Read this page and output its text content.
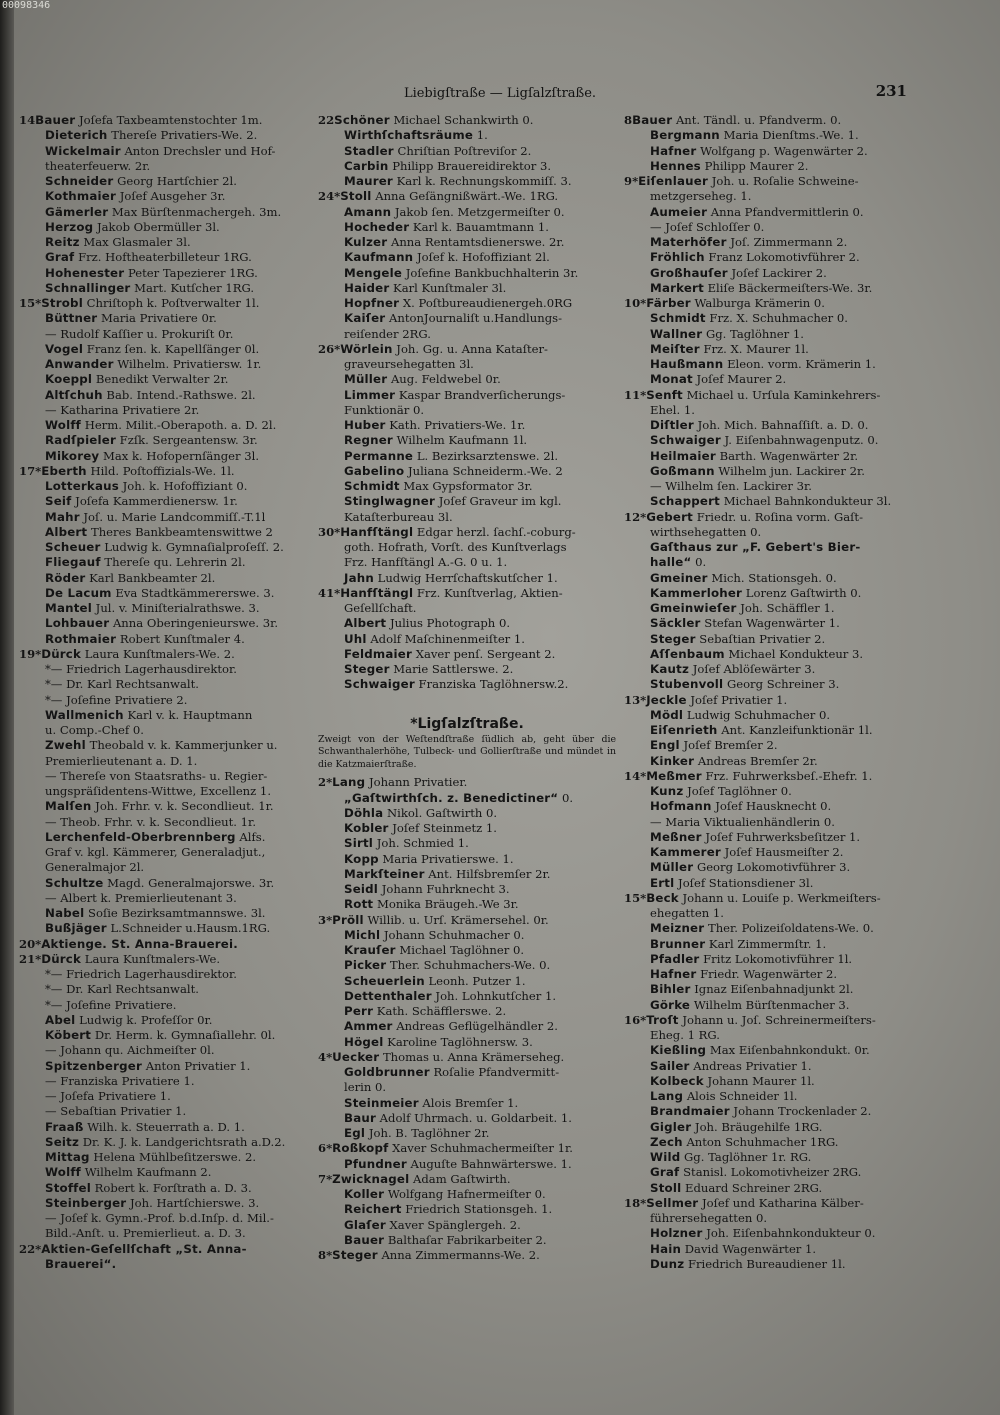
00098346
Liebigſtraße — Ligſalzſtraße.	231
14Bauer Joſefa Taxbeamtenstochter 1m.
Dieterich Thereſe Privatiers-We. 2.
Wickelmair Anton Drechsler und Hof-
theaterfeuerw. 2r.
Schneider Georg Hartſchier 2l.
Kothmaier Joſef Ausgeher 3r.
Gämerler Max Bürſtenmachergeh. 3m.
Herzog Jakob Obermüller 3l.
Reitz Max Glasmaler 3l.
Graf Frz. Hoftheaterbilleteur 1RG.
Hohenester Peter Tapezierer 1RG.
Schnallinger Mart. Kutſcher 1RG.
15*Strobl Chriſtoph k. Poſtverwalter 1l.
Büttner Maria Privatiere 0r.
— Rudolf Kaſſier u. Prokuriſt 0r.
Vogel Franz ſen. k. Kapellſänger 0l.
Anwander Wilhelm. Privatiersw. 1r.
Koeppl Benedikt Verwalter 2r.
Altſchuh Bab. Intend.-Rathswe. 2l.
— Katharina Privatiere 2r.
Wolff Herm. Milit.-Oberapoth. a. D. 2l.
Radſpieler Fzſk. Sergeantensw. 3r.
Mikorey Max k. Hofopernſänger 3l.
17*Eberth Hild. Poſtoffizials-We. 1l.
Lotterkaus Joh. k. Hofoffiziant 0.
Seif Joſefa Kammerdienersw. 1r.
Mahr Joſ. u. Marie Landcommiſſ.-T.1l
Albert Theres Bankbeamtenswittwe 2
Scheuer Ludwig k. Gymnaſialproſeſſ. 2.
Fliegauf Thereſe qu. Lehrerin 2l.
Röder Karl Bankbeamter 2l.
De Lacum Eva Stadtkämmererswe. 3.
Mantel Jul. v. Miniſterialrathswe. 3.
Lohbauer Anna Oberingenieurswe. 3r.
Rothmaier Robert Kunſtmaler 4.
19*Dürck Laura Kunſtmalers-We. 2.
*— Friedrich Lagerhausdirektor.
*— Dr. Karl Rechtsanwalt.
*— Joſefine Privatiere 2.
Wallmenich Karl v. k. Hauptmann
u. Comp.-Chef 0.
Zwehl Theobald v. k. Kammerjunker u.
Premierlieutenant a. D. 1.
— Thereſe von Staatsraths- u. Regier-
ungspräſidentens-Wittwe, Excellenz 1.
Malſen Joh. Frhr. v. k. Secondlieut. 1r.
— Theob. Frhr. v. k. Secondlieut. 1r.
Lerchenfeld-Oberbrennberg Alfs.
Graf v. kgl. Kämmerer, Generaladjut.,
Generalmajor 2l.
Schultze Magd. Generalmajorswe. 3r.
— Albert k. Premierlieutenant 3.
Nabel Soſie Bezirksamtmannswe. 3l.
Bußjäger L.Schneider u.Hausm.1RG.
20*Aktienge. St. Anna-Brauerei.
21*Dürck Laura Kunſtmalers-We.
*— Friedrich Lagerhausdirektor.
*— Dr. Karl Rechtsanwalt.
*— Joſefine Privatiere.
Abel Ludwig k. Profeſſor 0r.
Köbert Dr. Herm. k. Gymnaſiallehr. 0l.
— Johann qu. Aichmeiſter 0l.
Spitzenberger Anton Privatier 1.
— Franziska Privatiere 1.
— Joſefa Privatiere 1.
— Sebaſtian Privatier 1.
Fraaß Wilh. k. Steuerrath a. D. 1.
Seitz Dr. K. J. k. Landgerichtsrath a.D.2.
Mittag Helena Mühlbeſitzerswe. 2.
Wolff Wilhelm Kaufmann 2.
Stoffel Robert k. Forſtrath a. D. 3.
Steinberger Joh. Hartſchierswe. 3.
— Joſef k. Gymn.-Prof. b.d.Inſp. d. Mil.-
Bild.-Anſt. u. Premierlieut. a. D. 3.
22*Aktien-Geſellſchaft „St. Anna-
Brauerei“.
22Schöner Michael Schankwirth 0.
Wirthſchaftsräume 1.
Stadler Chriſtian Poſtreviſor 2.
Carbin Philipp Brauereidirektor 3.
Maurer Karl k. Rechnungskommiſſ. 3.
24*Stoll Anna Geſängnißwärt.-We. 1RG.
Amann Jakob ſen. Metzgermeiſter 0.
Hocheder Karl k. Bauamtmann 1.
Kulzer Anna Rentamtsdienerswe. 2r.
Kaufmann Joſef k. Hofoffiziant 2l.
Mengele Joſefine Bankbuchhalterin 3r.
Haider Karl Kunſtmaler 3l.
Hopfner X. Poſtbureaudienergeh.0RG
Kaiſer AntonJournaliſt u.Handlungs-
reiſender 2RG.
26*Wörlein Joh. Gg. u. Anna Kataſter-
graveursehegatten 3l.
Müller Aug. Feldwebel 0r.
Limmer Kaspar Brandverſicherungs-
Funktionär 0.
Huber Kath. Privatiers-We. 1r.
Regner Wilhelm Kaufmann 1l.
Permanne L. Bezirksarztenswe. 2l.
Gabelino Juliana Schneiderm.-We. 2
Schmidt Max Gypsformator 3r.
Stinglwagner Joſef Graveur im kgl.
Kataſterbureau 3l.
30*Hanfſtängl Edgar herzl. ſachſ.-coburg-
goth. Hofrath, Vorſt. des Kunſtverlags
Frz. Hanfſtängl A.-G. 0 u. 1.
Jahn Ludwig Herrſchaftskutſcher 1.
41*Hanfſtängl Frz. Kunſtverlag, Aktien-
Geſellſchaft.
Albert Julius Photograph 0.
Uhl Adolf Maſchinenmeiſter 1.
Feldmaier Xaver penſ. Sergeant 2.
Steger Marie Sattlerswe. 2.
Schwaiger Franziska Taglöhnersw.2.
*Ligſalzſtraße.
Zweigt von der Weſtendſtraße ſüdlich ab, geht über die Schwanthalerhöhe, Tulbeck- und Gollierſtraße und mündet in die Katzmaierſtraße.
2*Lang Johann Privatier.
„Gaſtwirthſch. z. Benedictiner“ 0.
Döhla Nikol. Gaſtwirth 0.
Kobler Joſef Steinmetz 1.
Sirtl Joh. Schmied 1.
Kopp Maria Privatierswe. 1.
Markſteiner Ant. Hilfsbremſer 2r.
Seidl Johann Fuhrknecht 3.
Rott Monika Bräugeh.-We 3r.
3*Pröll Willib. u. Urſ. Krämersehel. 0r.
Michl Johann Schuhmacher 0.
Krauſer Michael Taglöhner 0.
Picker Ther. Schuhmachers-We. 0.
Scheuerlein Leonh. Putzer 1.
Dettenthaler Joh. Lohnkutſcher 1.
Perr Kath. Schäfflerswe. 2.
Ammer Andreas Geflügelhändler 2.
Högel Karoline Taglöhnersw. 3.
4*Uecker Thomas u. Anna Krämerseheg.
Goldbrunner Roſalie Pfandvermitt-
lerin 0.
Steinmeier Alois Bremſer 1.
Baur Adolf Uhrmach. u. Goldarbeit. 1.
Egl Joh. B. Taglöhner 2r.
6*Roßkopf Xaver Schuhmachermeiſter 1r.
Pfundner Auguſte Bahnwärterswe. 1.
7*Zwicknagel Adam Gaſtwirth.
Koller Wolfgang Hafnermeiſter 0.
Reichert Friedrich Stationsgeh. 1.
Glaſer Xaver Spänglergeh. 2.
Bauer Balthaſar Fabrikarbeiter 2.
8*Steger Anna Zimmermanns-We. 2.
8Bauer Ant. Tändl. u. Pfandverm. 0.
Bergmann Maria Dienſtms.-We. 1.
Hafner Wolfgang p. Wagenwärter 2.
Hennes Philipp Maurer 2.
9*Eiſenlauer Joh. u. Roſalie Schweine-
metzgerseheg. 1.
Aumeier Anna Pfandvermittlerin 0.
— Joſef Schloſſer 0.
Materhöfer Joſ. Zimmermann 2.
Fröhlich Franz Lokomotivführer 2.
Großhauſer Joſef Lackirer 2.
Markert Eliſe Bäckermeiſters-We. 3r.
10*Färber Walburga Krämerin 0.
Schmidt Frz. X. Schuhmacher 0.
Wallner Gg. Taglöhner 1.
Meiſter Frz. X. Maurer 1l.
Haußmann Eleon. vorm. Krämerin 1.
Monat Joſef Maurer 2.
11*Senft Michael u. Urſula Kaminkehrers-
Ehel. 1.
Diſtler Joh. Mich. Bahnaſſiſt. a. D. 0.
Schwaiger J. Eiſenbahnwagenputz. 0.
Heilmaier Barth. Wagenwärter 2r.
Goßmann Wilhelm jun. Lackirer 2r.
— Wilhelm ſen. Lackirer 3r.
Schappert Michael Bahnkondukteur 3l.
12*Gebert Friedr. u. Roſina vorm. Gaſt-
wirthsehegatten 0.
Gaſthaus zur „F. Gebert's Bier-
halle“ 0.
Gmeiner Mich. Stationsgeh. 0.
Kammerloher Lorenz Gaſtwirth 0.
Gmeinwieſer Joh. Schäffler 1.
Säckler Stefan Wagenwärter 1.
Steger Sebaſtian Privatier 2.
Aſſenbaum Michael Kondukteur 3.
Kautz Joſef Ablöſewärter 3.
Stubenvoll Georg Schreiner 3.
13*Jeckle Joſef Privatier 1.
Mödl Ludwig Schuhmacher 0.
Eiſenrieth Ant. Kanzleifunktionär 1l.
Engl Joſef Bremſer 2.
Kinker Andreas Bremſer 2r.
14*Meßmer Frz. Fuhrwerksbeſ.-Ehefr. 1.
Kunz Joſef Taglöhner 0.
Hofmann Joſef Hausknecht 0.
— Maria Viktualienhändlerin 0.
Meßner Joſef Fuhrwerksbeſitzer 1.
Kammerer Joſef Hausmeiſter 2.
Müller Georg Lokomotivführer 3.
Ertl Joſef Stationsdiener 3l.
15*Beck Johann u. Louiſe p. Werkmeiſters-
ehegatten 1.
Meizner Ther. Polizeiſoldatens-We. 0.
Brunner Karl Zimmermſtr. 1.
Pfadler Fritz Lokomotivführer 1l.
Hafner Friedr. Wagenwärter 2.
Bihler Ignaz Eiſenbahnadjunkt 2l.
Görke Wilhelm Bürſtenmacher 3.
16*Troſt Johann u. Joſ. Schreinermeiſters-
Eheg. 1 RG.
Kießling Max Eiſenbahnkondukt. 0r.
Sailer Andreas Privatier 1.
Kolbeck Johann Maurer 1l.
Lang Alois Schneider 1l.
Brandmaier Johann Trockenlader 2.
Gigler Joh. Bräugehilfe 1RG.
Zech Anton Schuhmacher 1RG.
Wild Gg. Taglöhner 1r. RG.
Graf Stanisl. Lokomotivheizer 2RG.
Stoll Eduard Schreiner 2RG.
18*Sellmer Joſef und Katharina Kälber-
führersehegatten 0.
Holzner Joh. Eiſenbahnkondukteur 0.
Hain David Wagenwärter 1.
Dunz Friedrich Bureaudiener 1l.
